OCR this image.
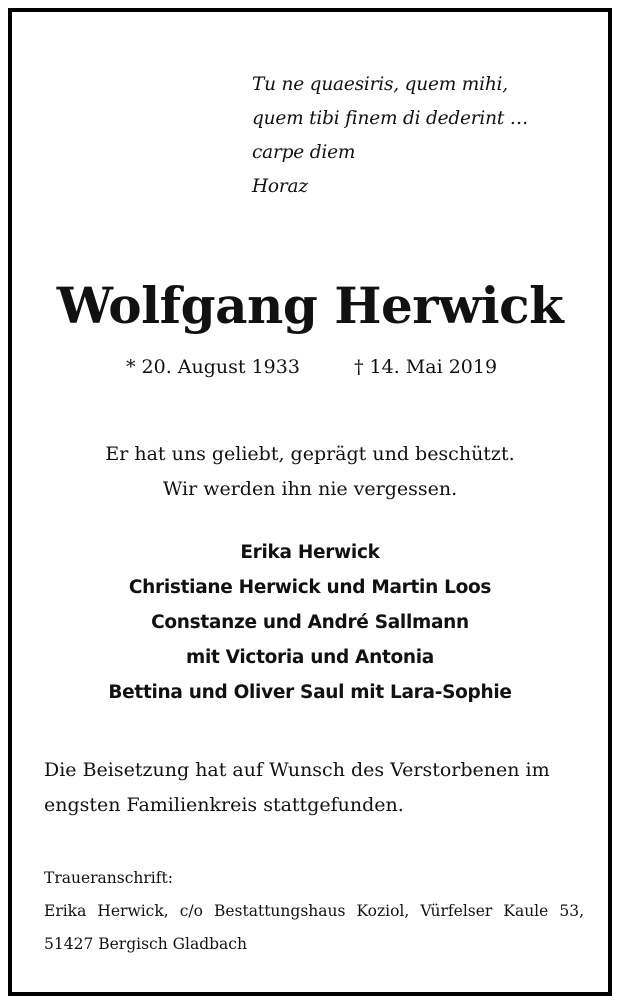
Tu ne quaesiris, quem mihi,
quem tibi finem di dederint …
carpe diem
Horaz
Wolfgang Herwick
* 20. August 1933	† 14. Mai 2019
Er hat uns geliebt, geprägt und beschützt.
Wir werden ihn nie vergessen.
Erika Herwick
Christiane Herwick und Martin Loos
Constanze und André Sallmann
mit Victoria und Antonia
Bettina und Oliver Saul mit Lara-Sophie
Die Beisetzung hat auf Wunsch des Verstorbenen im engsten Familienkreis stattgefunden.
Traueranschrift:
Erika Herwick, c/o Bestattungshaus Koziol, Vürfelser Kaule 53,
51427 Bergisch Gladbach
